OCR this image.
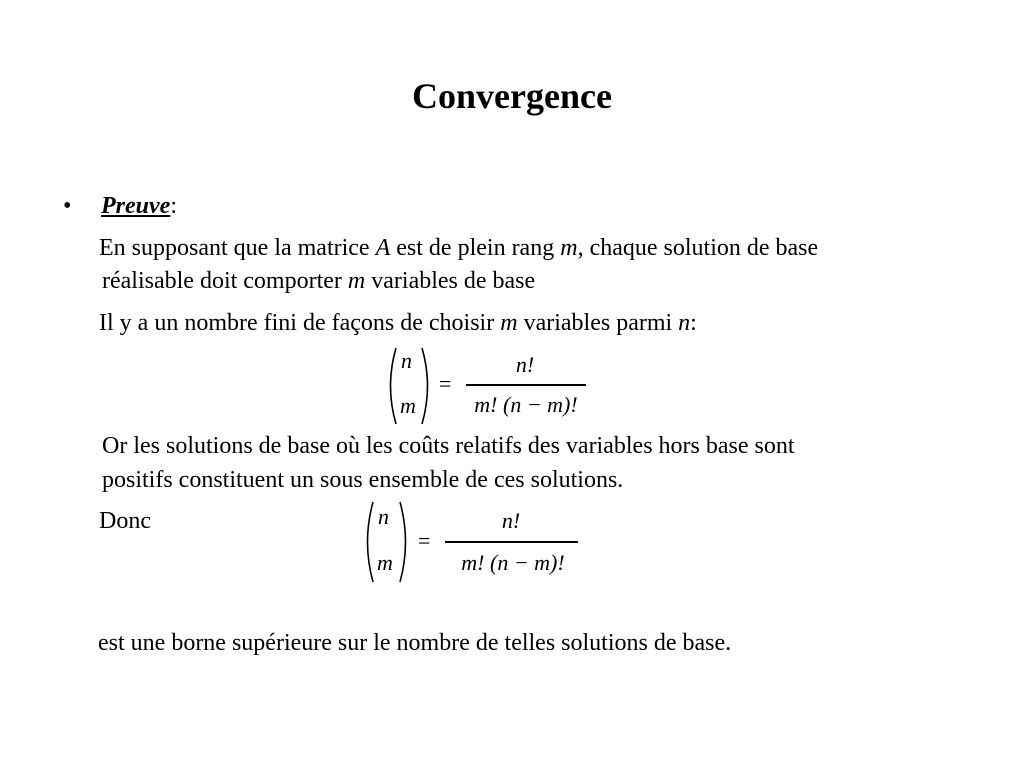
Convergence
• Preuve:
En supposant que la matrice A est de plein rang m, chaque solution de base
réalisable doit comporter m variables de base
Il y a un nombre fini de façons de choisir m variables parmi n:
n
m
=
n!
m! (n − m)!
Or les solutions de base où les coûts relatifs des variables hors base sont
positifs constituent un sous ensemble de ces solutions.
Donc	n
m
=
n!
m! (n − m)!
est une borne supérieure sur le nombre de telles solutions de base.
